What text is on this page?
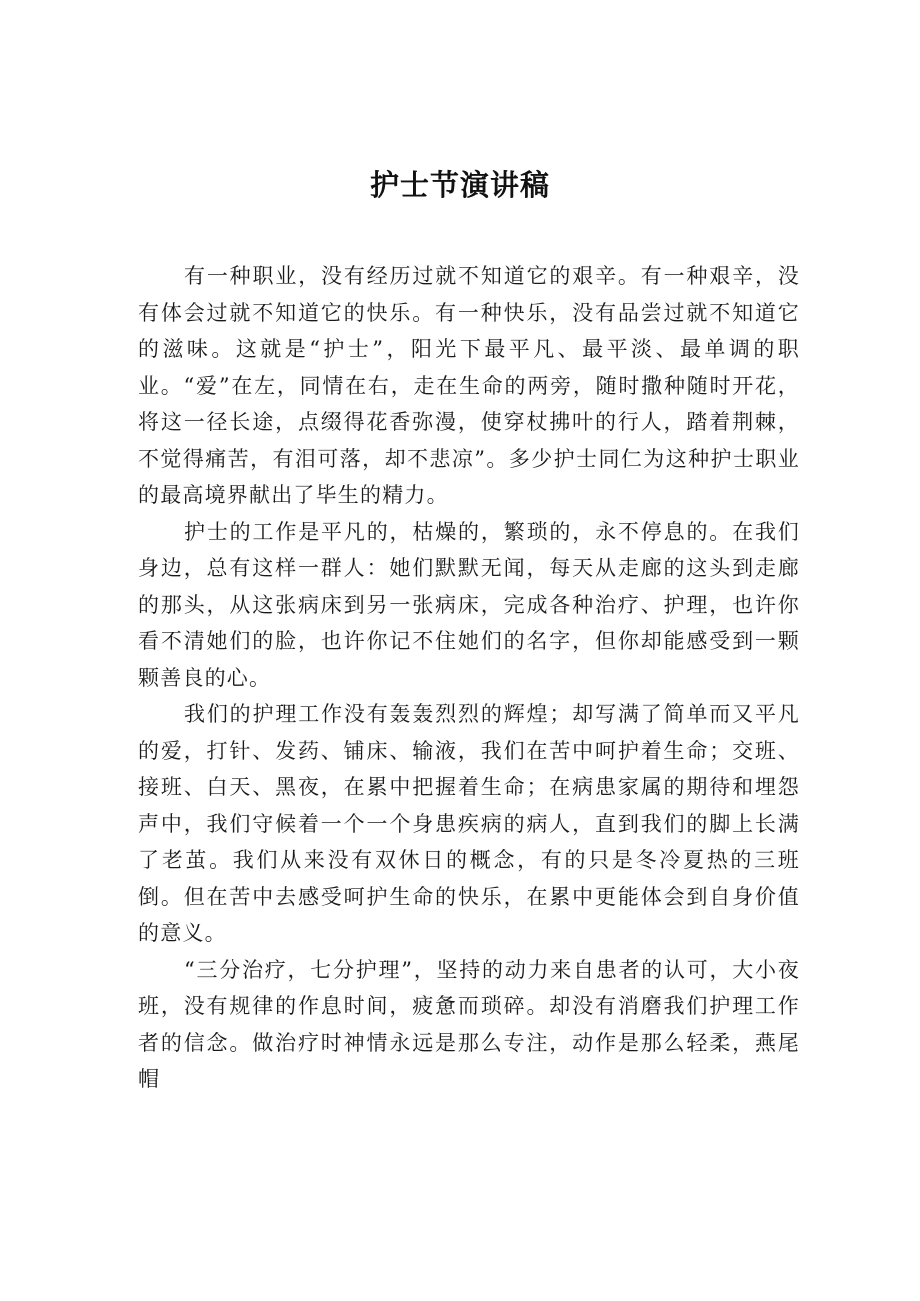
护士节演讲稿

有一种职业，没有经历过就不知道它的艰辛。有一种艰辛，没有体会过就不知道它的快乐。有一种快乐，没有品尝过就不知道它的滋味。这就是“护士”，阳光下最平凡、最平淡、最单调的职业。“爱”在左，同情在右，走在生命的两旁，随时撒种随时开花，将这一径长途，点缀得花香弥漫，使穿杖拂叶的行人，踏着荆棘，不觉得痛苦，有泪可落，却不悲凉”。多少护士同仁为这种护士职业的最高境界献出了毕生的精力。

护士的工作是平凡的，枯燥的，繁琐的，永不停息的。在我们身边，总有这样一群人：她们默默无闻，每天从走廊的这头到走廊的那头，从这张病床到另一张病床，完成各种治疗、护理，也许你看不清她们的脸，也许你记不住她们的名字，但你却能感受到一颗颗善良的心。

我们的护理工作没有轰轰烈烈的辉煌；却写满了简单而又平凡的爱，打针、发药、铺床、输液，我们在苦中呵护着生命；交班、接班、白天、黑夜，在累中把握着生命；在病患家属的期待和埋怨声中，我们守候着一个一个身患疾病的病人，直到我们的脚上长满了老茧。我们从来没有双休日的概念，有的只是冬冷夏热的三班倒。但在苦中去感受呵护生命的快乐，在累中更能体会到自身价值的意义。

“三分治疗，七分护理”，坚持的动力来自患者的认可，大小夜班，没有规律的作息时间，疲惫而琐碎。却没有消磨我们护理工作者的信念。做治疗时神情永远是那么专注，动作是那么轻柔，燕尾帽
